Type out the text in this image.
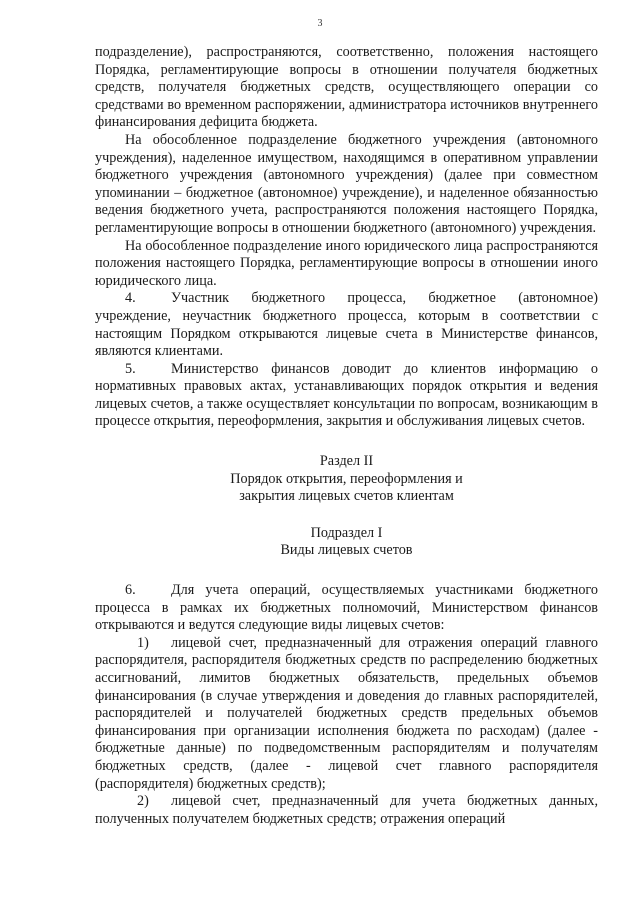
3

подразделение), распространяются, соответственно, положения настоящего Порядка, регламентирующие вопросы в отношении получателя бюджетных средств, получателя бюджетных средств, осуществляющего операции со средствами во временном распоряжении, администратора источников внутреннего финансирования дефицита бюджета.

На обособленное подразделение бюджетного учреждения (автономного учреждения), наделенное имуществом, находящимся в оперативном управлении бюджетного учреждения (автономного учреждения) (далее при совместном упоминании – бюджетное (автономное) учреждение), и наделенное обязанностью ведения бюджетного учета, распространяются положения настоящего Порядка, регламентирующие вопросы в отношении бюджетного (автономного) учреждения.

На обособленное подразделение иного юридического лица распространяются положения настоящего Порядка, регламентирующие вопросы в отношении иного юридического лица.

4. Участник бюджетного процесса, бюджетное (автономное) учреждение, неучастник бюджетного процесса, которым в соответствии с настоящим Порядком открываются лицевые счета в Министерстве финансов, являются клиентами.

5. Министерство финансов доводит до клиентов информацию о нормативных правовых актах, устанавливающих порядок открытия и ведения лицевых счетов, а также осуществляет консультации по вопросам, возникающим в процессе открытия, переоформления, закрытия и обслуживания лицевых счетов.

Раздел II
Порядок открытия, переоформления и
закрытия лицевых счетов клиентам
Подраздел I
Виды лицевых счетов

6. Для учета операций, осуществляемых участниками бюджетного процесса в рамках их бюджетных полномочий, Министерством финансов открываются и ведутся следующие виды лицевых счетов:

1) лицевой счет, предназначенный для отражения операций главного распорядителя, распорядителя бюджетных средств по распределению бюджетных ассигнований, лимитов бюджетных обязательств, предельных объемов финансирования (в случае утверждения и доведения до главных распорядителей, распорядителей и получателей бюджетных средств предельных объемов финансирования при организации исполнения бюджета по расходам) (далее - бюджетные данные) по подведомственным распорядителям и получателям бюджетных средств, (далее - лицевой счет главного распорядителя (распорядителя) бюджетных средств);

2) лицевой счет, предназначенный для учета бюджетных данных, полученных получателем бюджетных средств; отражения операций
